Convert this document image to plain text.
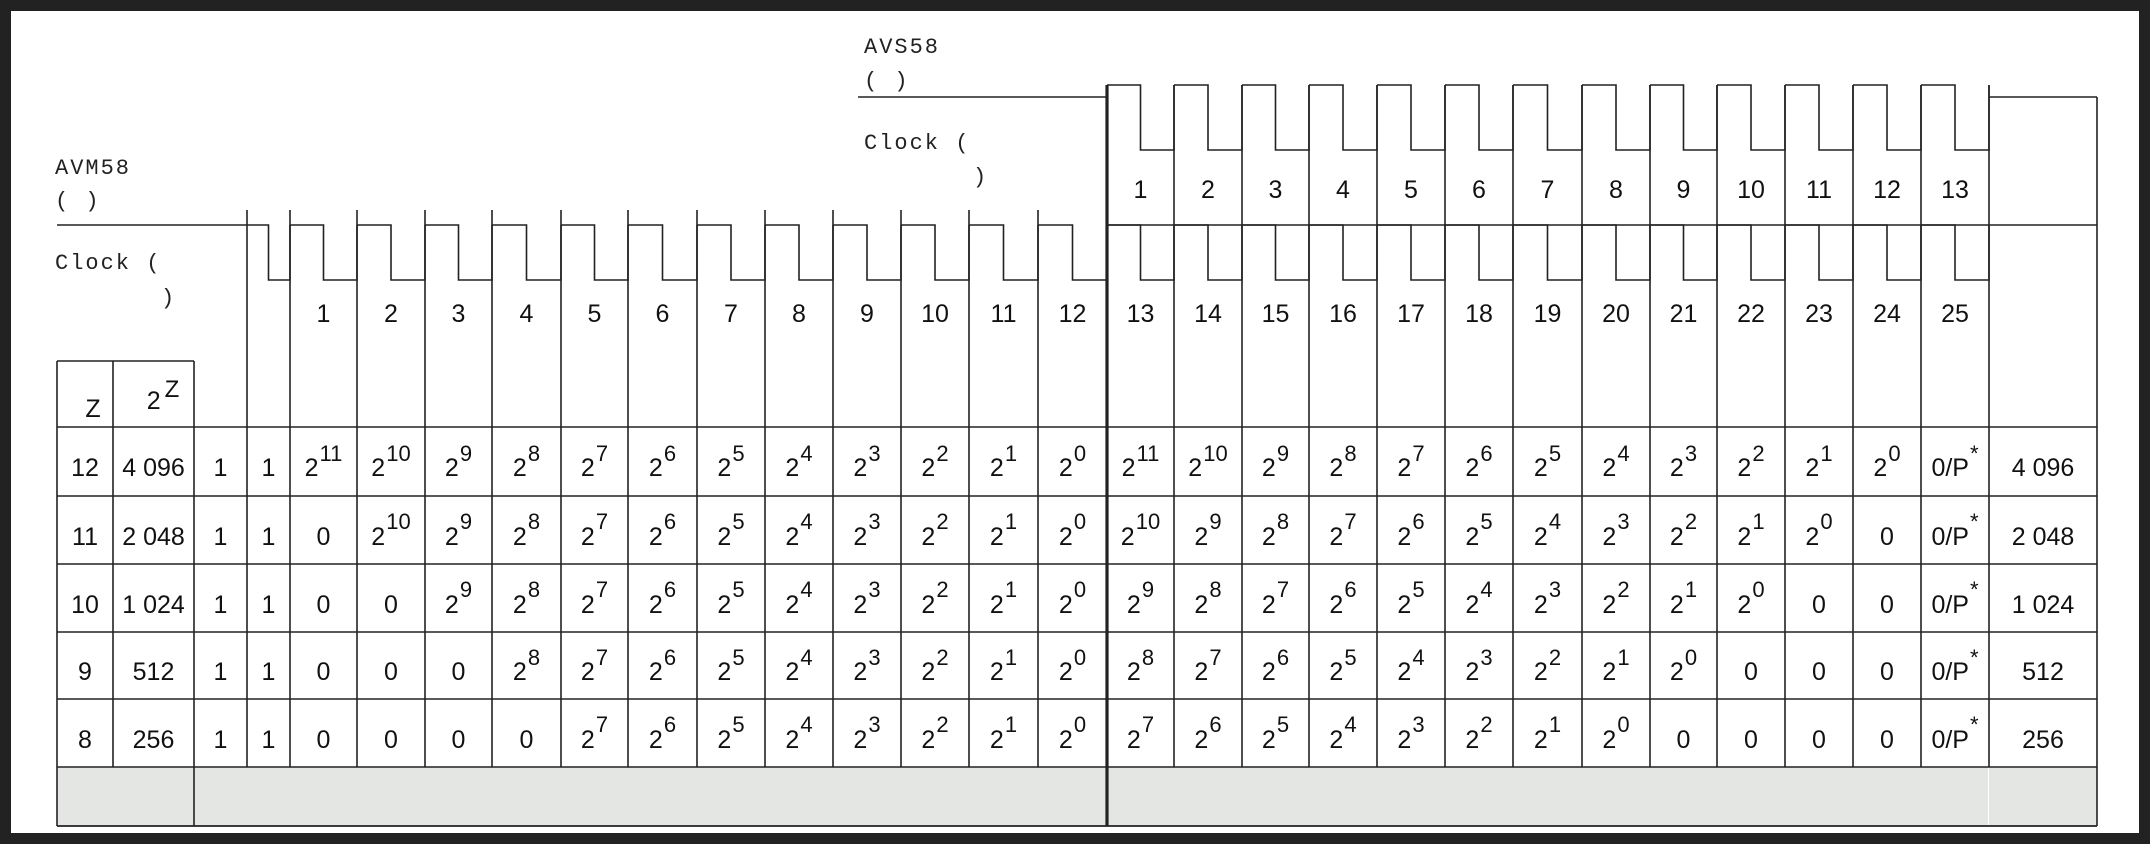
AVS58
( )
Clock (
)
AVM58
( )
Clock (
)
Z 2 $^Z$
1 2 3 4 5 6 7 8 9 10 11 12 13 14 15 16 17 18 19 20 21 22 23 24 25
1 2 3 4 5 6 7 8 9 10 11 12 13
12 4 096 1 1 $2^{11}$
$2^{10}$
$2^9$
$2^8$
$2^7$
$2^6$
$2^5$
$2^4$
$2^3$
$2^2$
$2^1$
$2^0$
$2^{11}$
$2^{10}$
$2^9$
$2^8$
$2^7$
$2^6$
$2^5$
$2^4$
$2^3$
$2^2$
$2^1$
$2^0$
0/P*
4 096
11 2 048 1 1 0 $2^{10}$
$2^9$
$2^8$
$2^7$
$2^6$
$2^5$
$2^4$
$2^3$
$2^2$
$2^1$
$2^0$
$2^{10}$
$2^9$
$2^8$
$2^7$
$2^6$
$2^5$
$2^4$
$2^3$
$2^2$
$2^1$
$2^0$
0 0/P*
2 048
10 1 024 1 1 0 0 $2^9$
$2^8$
$2^7$
$2^6$
$2^5$
$2^4$
$2^3$
$2^2$
$2^1$
$2^0$
$2^9$
$2^8$
$2^7$
$2^6$
$2^5$
$2^4$
$2^3$
$2^2$
$2^1$
$2^0$
0 0 0/P*
1 024
9 512 1 1 0 0 0 $2^8$
$2^7$
$2^6$
$2^5$
$2^4$
$2^3$
$2^2$
$2^1$
$2^0$
$2^8$
$2^7$
$2^6$
$2^5$
$2^4$
$2^3$
$2^2$
$2^1$
$2^0$
0 0 0 0/P*
512
8 256 1 1 0 0 0 0 $2^7$
$2^6$
$2^5$
$2^4$
$2^3$
$2^2$
$2^1$
$2^0$
$2^7$
$2^6$
$2^5$
$2^4$
$2^3$
$2^2$
$2^1$
$2^0$
0 0 0 0 0/P*
256
